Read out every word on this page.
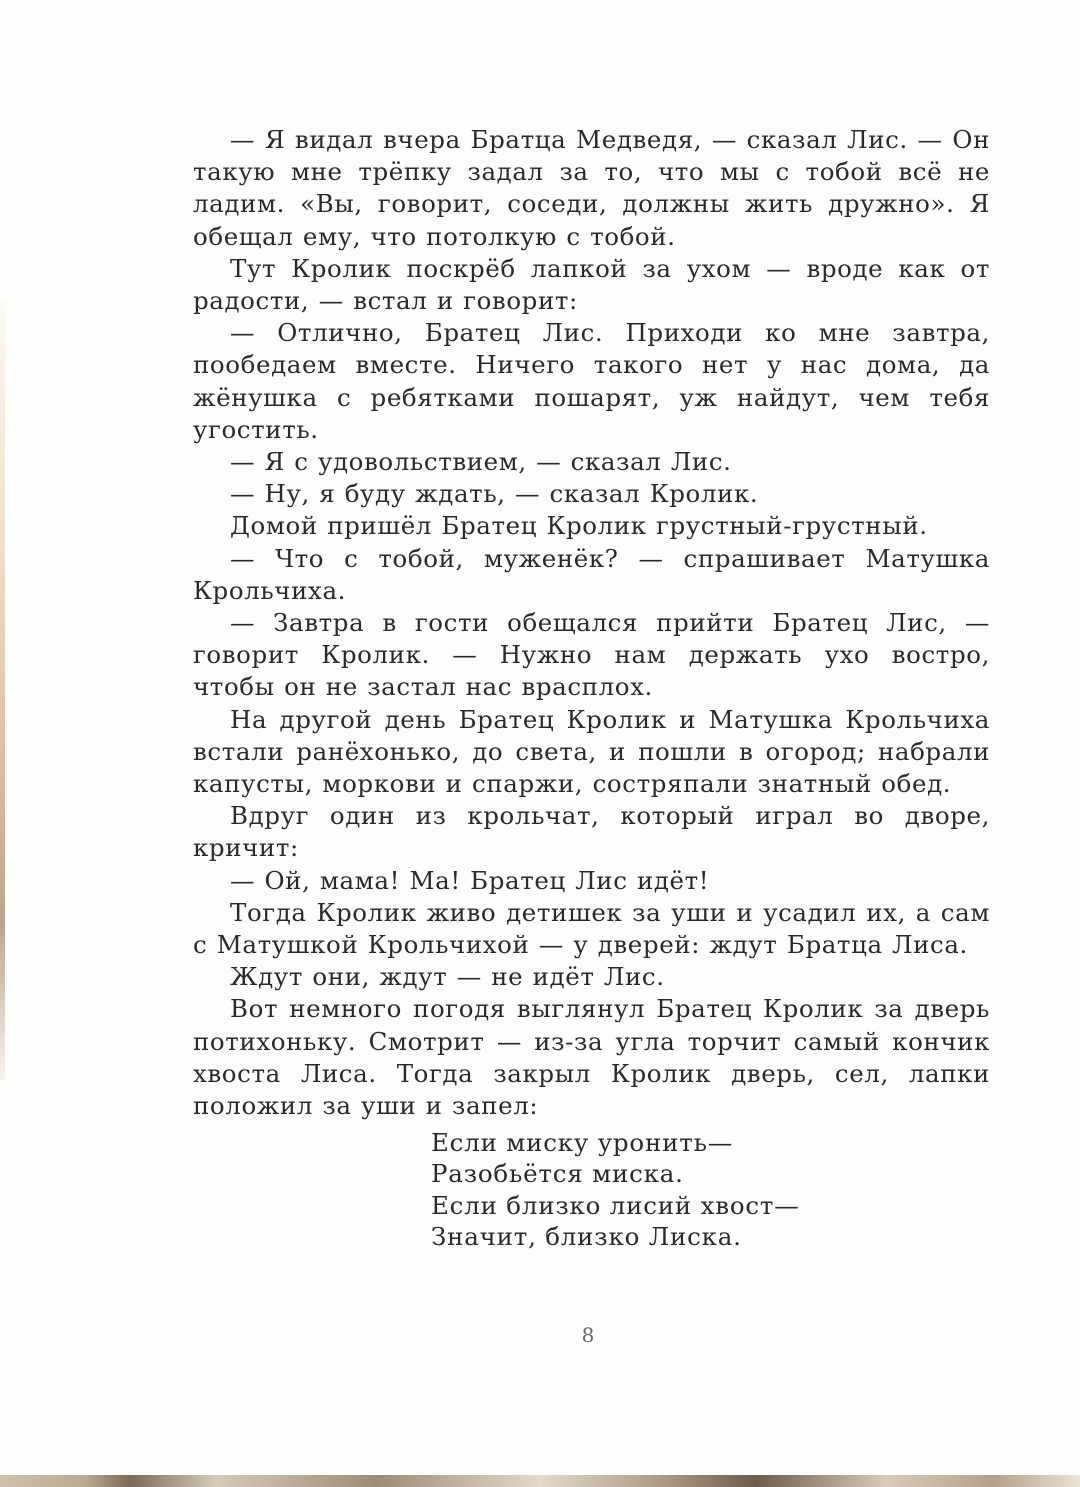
— Я видал вчера Братца Медведя, — сказал Лис. — Он такую мне трёпку задал за то, что мы с тобой всё не ладим. «Вы, говорит, соседи, должны жить дружно». Я обещал ему, что потолкую с тобой.

Тут Кролик поскрёб лапкой за ухом — вроде как от радости, — встал и говорит:

— Отлично, Братец Лис. Приходи ко мне завтра, пообедаем вместе. Ничего такого нет у нас дома, да жёнушка с ребятками пошарят, уж найдут, чем тебя угостить.

— Я с удовольствием, — сказал Лис.

— Ну, я буду ждать, — сказал Кролик.

Домой пришёл Братец Кролик грустный-грустный.

— Что с тобой, муженёк? — спрашивает Матушка Крольчиха.

— Завтра в гости обещался прийти Братец Лис, — говорит Кролик. — Нужно нам держать ухо востро, чтобы он не застал нас врасплох.

На другой день Братец Кролик и Матушка Крольчиха встали ранёхонько, до света, и пошли в огород; набрали капусты, моркови и спаржи, состряпали знатный обед.

Вдруг один из крольчат, который играл во дворе, кричит:

— Ой, мама! Ма! Братец Лис идёт!

Тогда Кролик живо детишек за уши и усадил их, а сам с Матушкой Крольчихой — у дверей: ждут Братца Лиса.

Ждут они, ждут — не идёт Лис.

Вот немного погодя выглянул Братец Кролик за дверь потихоньку. Смотрит — из-за угла торчит самый кончик хвоста Лиса. Тогда закрыл Кролик дверь, сел, лапки положил за уши и запел:

Если миску уронить—
Разобьётся миска.
Если близко лисий хвост—
Значит, близко Лиска.
8
